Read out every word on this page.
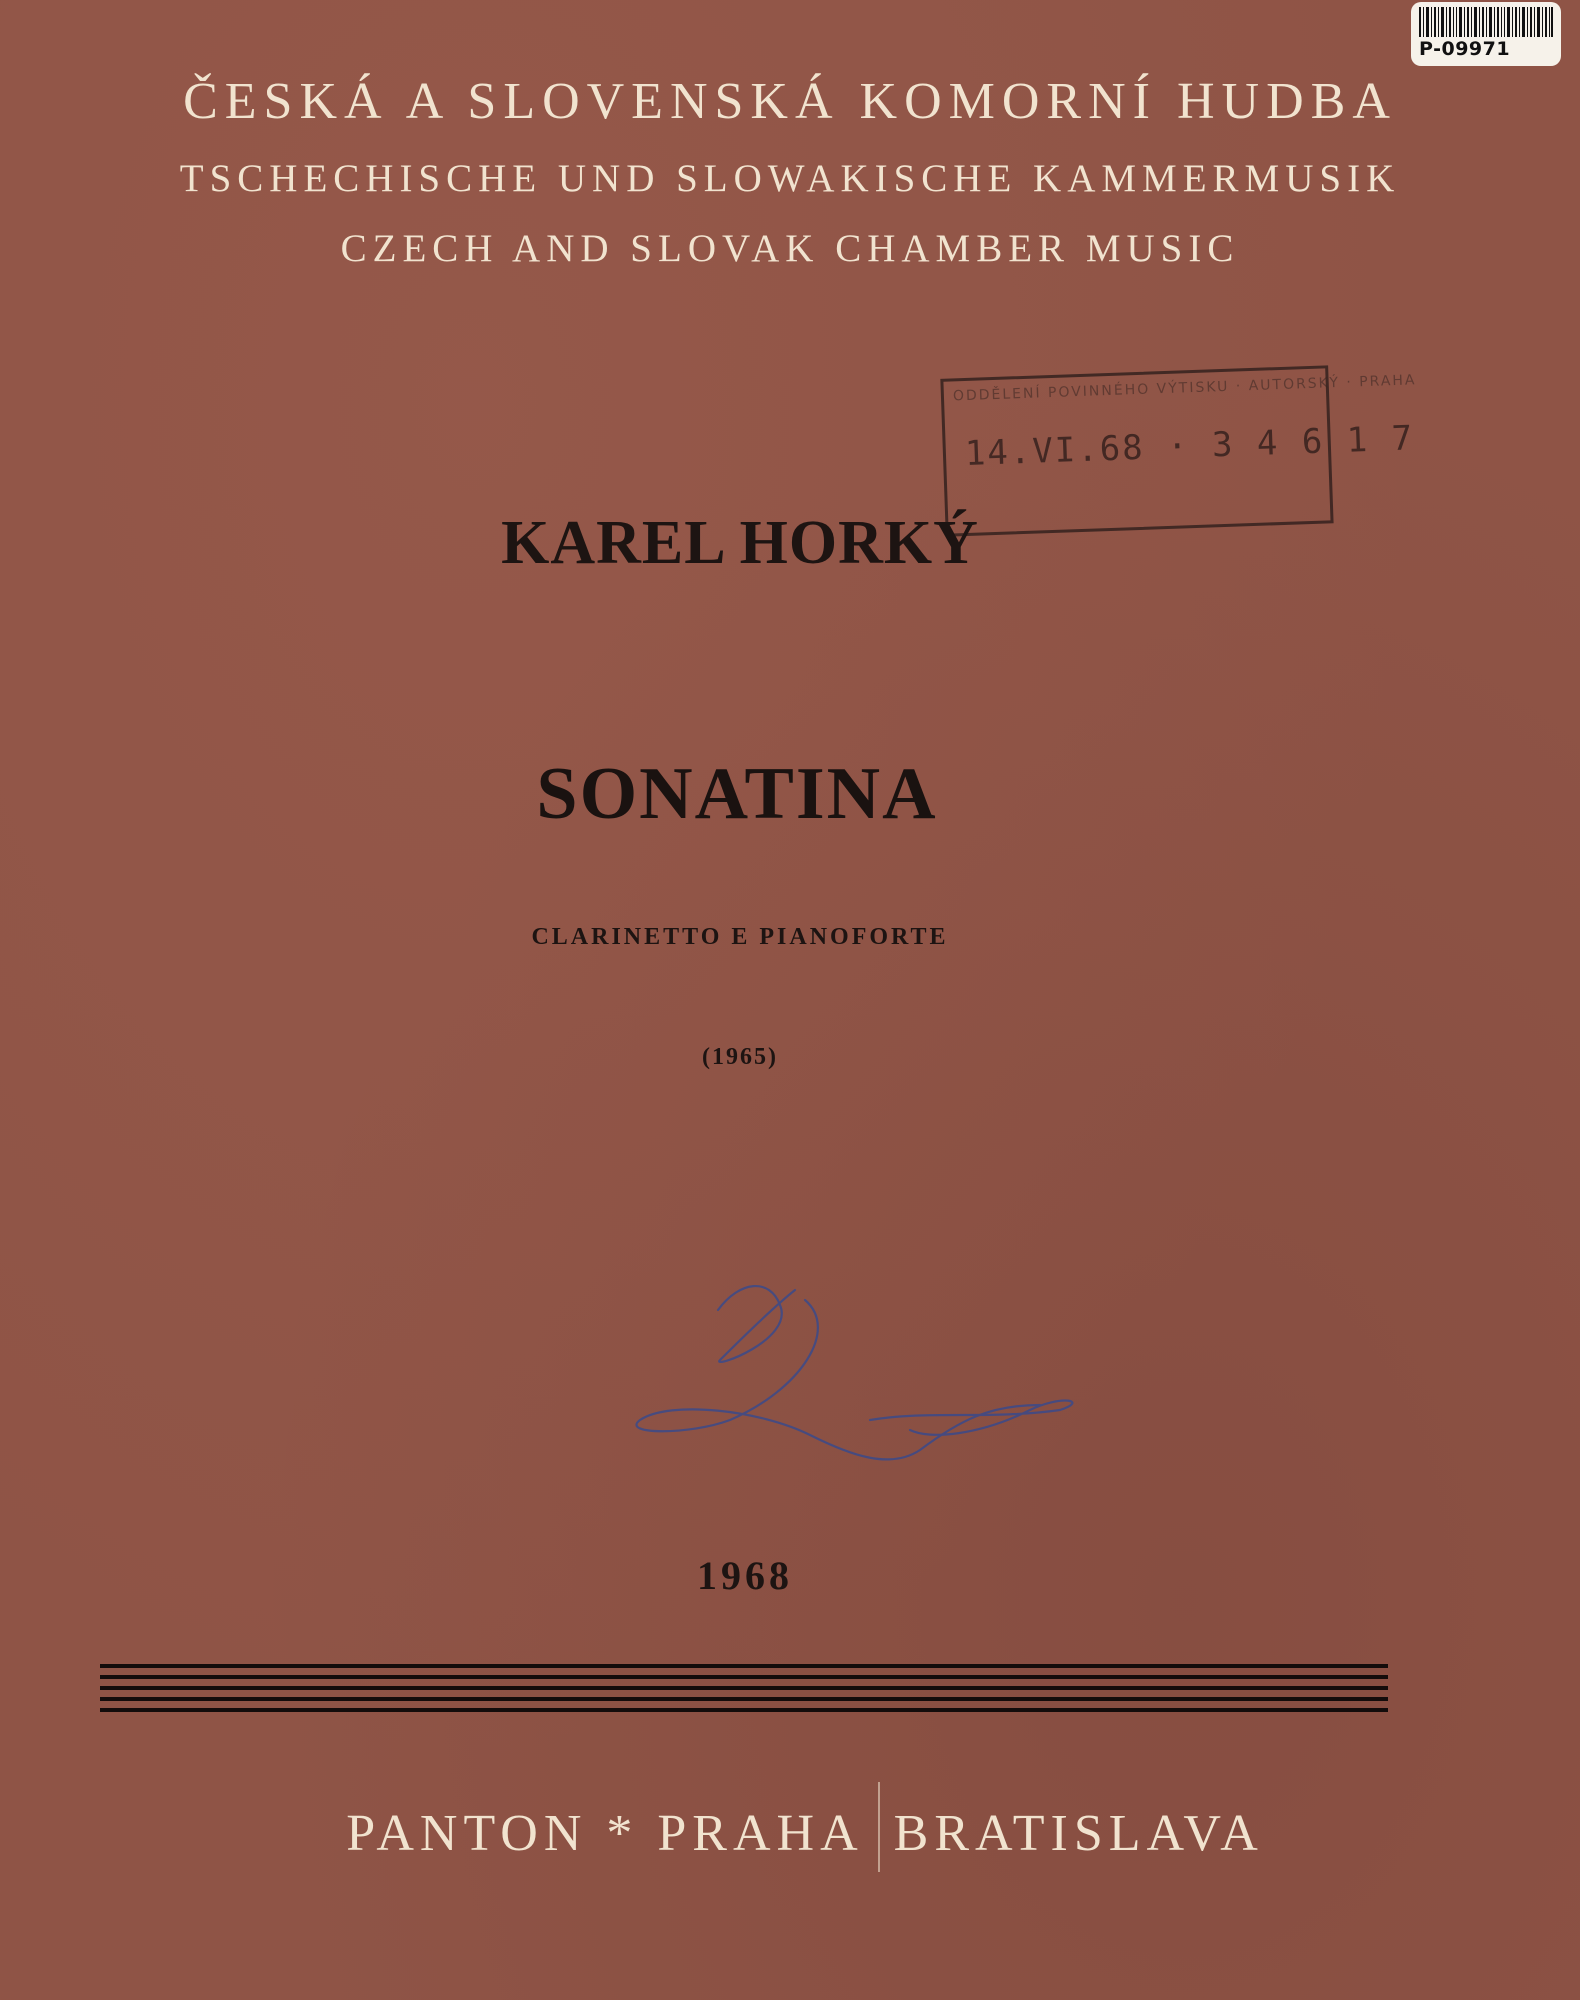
ČESKÁ A SLOVENSKÁ KOMORNÍ HUDBA
TSCHECHISCHE UND SLOWAKISCHE KAMMERMUSIK
CZECH AND SLOVAK CHAMBER MUSIC
P-09971
ODDĚLENÍ POVINNÉHO VÝTISKU · AUTORSKÝ · PRAHA
14.VI.68 · 3 4 6 1 7
KAREL HORKÝ
SONATINA
CLARINETTO E PIANOFORTE
(1965)
1968
PANTON * PRAHA BRATISLAVA
